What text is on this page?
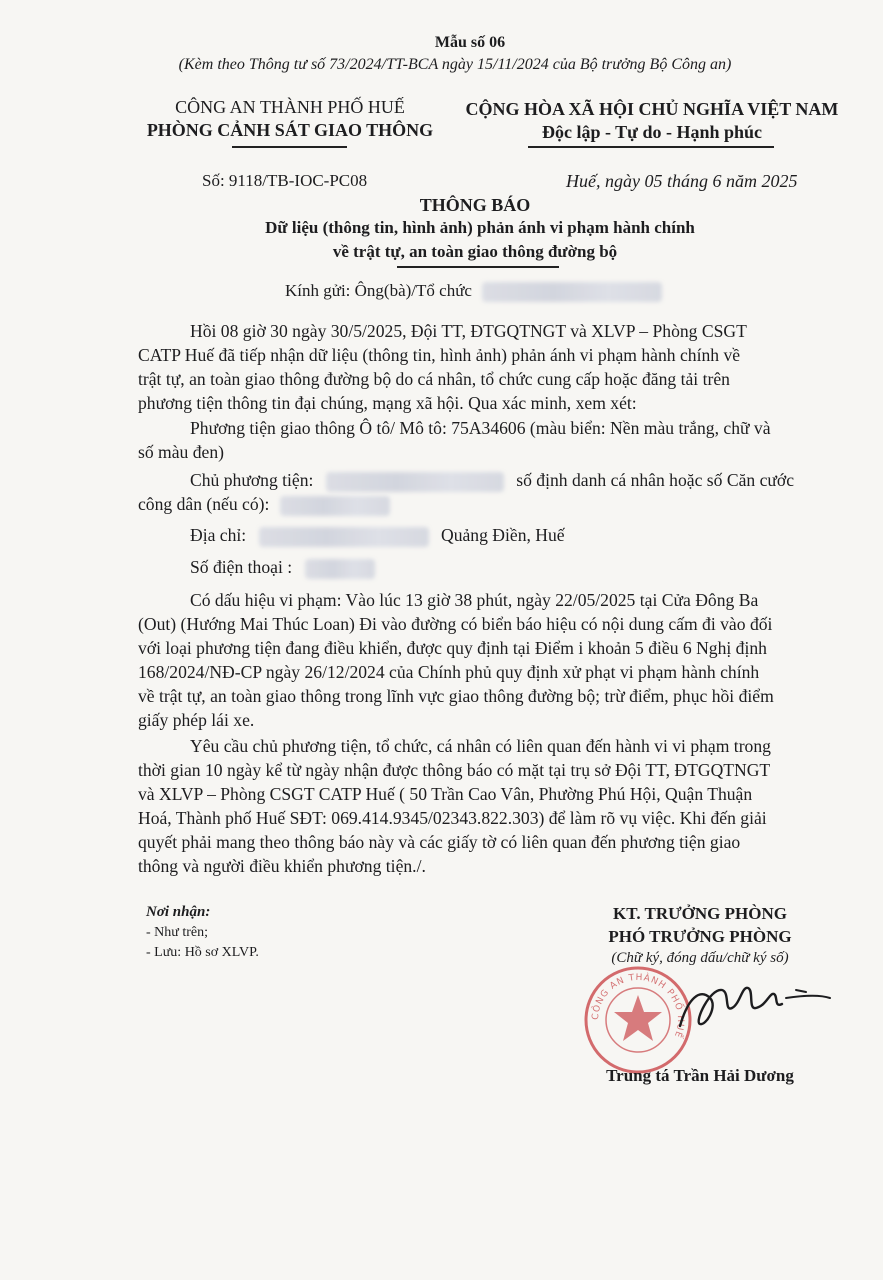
Mẫu số 06
(Kèm theo Thông tư số 73/2024/TT-BCA ngày 15/11/2024 của Bộ trưởng Bộ Công an)
CÔNG AN THÀNH PHỐ HUẾ
PHÒNG CẢNH SÁT GIAO THÔNG
CỘNG HÒA XÃ HỘI CHỦ NGHĨA VIỆT NAM
Độc lập - Tự do - Hạnh phúc
Số: 9118/TB-IOC-PC08	Huế, ngày 05 tháng 6 năm 2025
THÔNG BÁO
Dữ liệu (thông tin, hình ảnh) phản ánh vi phạm hành chính
về trật tự, an toàn giao thông đường bộ
Kính gửi: Ông(bà)/Tổ chức
Hồi 08 giờ 30 ngày 30/5/2025, Đội TT, ĐTGQTNGT và XLVP – Phòng CSGT
CATP Huế đã tiếp nhận dữ liệu (thông tin, hình ảnh) phản ánh vi phạm hành chính về
trật tự, an toàn giao thông đường bộ do cá nhân, tổ chức cung cấp hoặc đăng tải trên
phương tiện thông tin đại chúng, mạng xã hội. Qua xác minh, xem xét:
Phương tiện giao thông Ô tô/ Mô tô: 75A34606 (màu biển: Nền màu trắng, chữ và
số màu đen)
Chủ phương tiện:	số định danh cá nhân hoặc số Căn cước
công dân (nếu có):
Địa chỉ:	Quảng Điền, Huế
Số điện thoại :
Có dấu hiệu vi phạm: Vào lúc 13 giờ 38 phút, ngày 22/05/2025 tại Cửa Đông Ba
(Out) (Hướng Mai Thúc Loan) Đi vào đường có biển báo hiệu có nội dung cấm đi vào đối
với loại phương tiện đang điều khiển, được quy định tại Điểm i khoản 5 điều 6 Nghị định
168/2024/NĐ-CP ngày 26/12/2024 của Chính phủ quy định xử phạt vi phạm hành chính
về trật tự, an toàn giao thông trong lĩnh vực giao thông đường bộ; trừ điểm, phục hồi điểm
giấy phép lái xe.
Yêu cầu chủ phương tiện, tổ chức, cá nhân có liên quan đến hành vi vi phạm trong
thời gian 10 ngày kể từ ngày nhận được thông báo có mặt tại trụ sở Đội TT, ĐTGQTNGT
và XLVP – Phòng CSGT CATP Huế ( 50 Trần Cao Vân, Phường Phú Hội, Quận Thuận
Hoá, Thành phố Huế SĐT: 069.414.9345/02343.822.303) để làm rõ vụ việc. Khi đến giải
quyết phải mang theo thông báo này và các giấy tờ có liên quan đến phương tiện giao
thông và người điều khiển phương tiện./.
Nơi nhận:
- Như trên;
- Lưu: Hồ sơ XLVP.
KT. TRƯỞNG PHÒNG
PHÓ TRƯỞNG PHÒNG
(Chữ ký, đóng dấu/chữ ký số)
CÔNG AN THÀNH PHỐ HUẾ
Trung tá Trần Hải Dương
